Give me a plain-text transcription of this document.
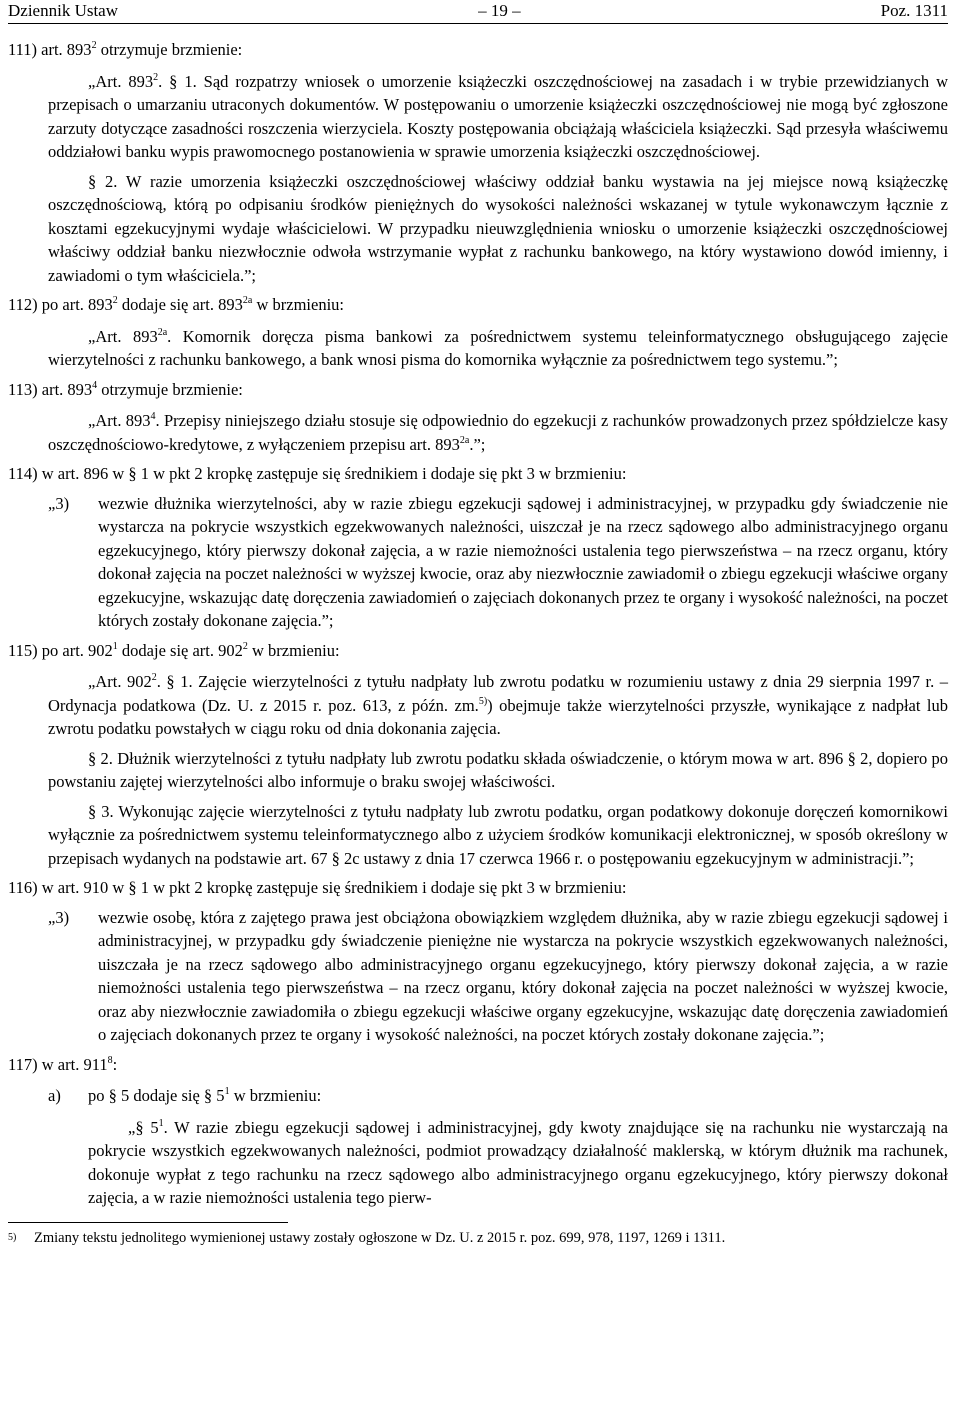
Dziennik Ustaw	– 19 –	Poz. 1311
111) art. $893^2$ otrzymuje brzmienie:

„Art. $893^2$. § 1. Sąd rozpatrzy wniosek o umorzenie książeczki oszczędnościowej na zasadach i w trybie przewidzianych w przepisach o umarzaniu utraconych dokumentów. W postępowaniu o umorzenie książeczki oszczędnościowej nie mogą być zgłoszone zarzuty dotyczące zasadności roszczenia wierzyciela. Koszty postępowania obciążają właściciela książeczki. Sąd przesyła właściwemu oddziałowi banku wypis prawomocnego postanowienia w sprawie umorzenia książeczki oszczędnościowej.

§ 2. W razie umorzenia książeczki oszczędnościowej właściwy oddział banku wystawia na jej miejsce nową książeczkę oszczędnościową, którą po odpisaniu środków pieniężnych do wysokości należności wskazanej w tytule wykonawczym łącznie z kosztami egzekucyjnymi wydaje właścicielowi. W przypadku nieuwzględnienia wniosku o umorzenie książeczki oszczędnościowej właściwy oddział banku niezwłocznie odwoła wstrzymanie wypłat z rachunku bankowego, na który wystawiono dowód imienny, i zawiadomi o tym właściciela.”;

112) po art. $893^2$ dodaje się art. $893^{2a}$ w brzmieniu:

„Art. $893^{2a}$. Komornik doręcza pisma bankowi za pośrednictwem systemu teleinformatycznego obsługującego zajęcie wierzytelności z rachunku bankowego, a bank wnosi pisma do komornika wyłącznie za pośrednictwem tego systemu.”;

113) art. $893^4$ otrzymuje brzmienie:

„Art. $893^4$. Przepisy niniejszego działu stosuje się odpowiednio do egzekucji z rachunków prowadzonych przez spółdzielcze kasy oszczędnościowo-kredytowe, z wyłączeniem przepisu art. $893^{2a}$.”;

114) w art. 896 w § 1 w pkt 2 kropkę zastępuje się średnikiem i dodaje się pkt 3 w brzmieniu:
„3)	wezwie dłużnika wierzytelności, aby w razie zbiegu egzekucji sądowej i administracyjnej, w przypadku gdy świadczenie nie wystarcza na pokrycie wszystkich egzekwowanych należności, uiszczał je na rzecz sądowego albo administracyjnego organu egzekucyjnego, który pierwszy dokonał zajęcia, a w razie niemożności ustalenia tego pierwszeństwa – na rzecz organu, który dokonał zajęcia na poczet należności w wyższej kwocie, oraz aby niezwłocznie zawiadomił o zbiegu egzekucji właściwe organy egzekucyjne, wskazując datę doręczenia zawiadomień o zajęciach dokonanych przez te organy i wysokość należności, na poczet których zostały dokonane zajęcia.”;
115) po art. $902^1$ dodaje się art. $902^2$ w brzmieniu:

„Art. $902^2$. § 1. Zajęcie wierzytelności z tytułu nadpłaty lub zwrotu podatku w rozumieniu ustawy z dnia 29 sierpnia 1997 r. – Ordynacja podatkowa (Dz. U. z 2015 r. poz. 613, z późn. zm.$^{5)}$) obejmuje także wierzytelności przyszłe, wynikające z nadpłat lub zwrotu podatku powstałych w ciągu roku od dnia dokonania zajęcia.

§ 2. Dłużnik wierzytelności z tytułu nadpłaty lub zwrotu podatku składa oświadczenie, o którym mowa w art. 896 § 2, dopiero po powstaniu zajętej wierzytelności albo informuje o braku swojej właściwości.

§ 3. Wykonując zajęcie wierzytelności z tytułu nadpłaty lub zwrotu podatku, organ podatkowy dokonuje doręczeń komornikowi wyłącznie za pośrednictwem systemu teleinformatycznego albo z użyciem środków komunikacji elektronicznej, w sposób określony w przepisach wydanych na podstawie art. 67 § 2c ustawy z dnia 17 czerwca 1966 r. o postępowaniu egzekucyjnym w administracji.”;

116) w art. 910 w § 1 w pkt 2 kropkę zastępuje się średnikiem i dodaje się pkt 3 w brzmieniu:
„3)	wezwie osobę, która z zajętego prawa jest obciążona obowiązkiem względem dłużnika, aby w razie zbiegu egzekucji sądowej i administracyjnej, w przypadku gdy świadczenie pieniężne nie wystarcza na pokrycie wszystkich egzekwowanych należności, uiszczała je na rzecz sądowego albo administracyjnego organu egzekucyjnego, który pierwszy dokonał zajęcia, a w razie niemożności ustalenia tego pierwszeństwa – na rzecz organu, który dokonał zajęcia na poczet należności w wyższej kwocie, oraz aby niezwłocznie zawiadomiła o zbiegu egzekucji właściwe organy egzekucyjne, wskazując datę doręczenia zawiadomień o zajęciach dokonanych przez te organy i wysokość należności, na poczet których zostały dokonane zajęcia.”;
117) w art. $911^8$:
a)	po § 5 dodaje się § $5^1$ w brzmieniu:

„§ $5^1$. W razie zbiegu egzekucji sądowej i administracyjnej, gdy kwoty znajdujące się na rachunku nie wystarczają na pokrycie wszystkich egzekwowanych należności, podmiot prowadzący działalność maklerską, w którym dłużnik ma rachunek, dokonuje wypłat z tego rachunku na rzecz sądowego albo administracyjnego organu egzekucyjnego, który pierwszy dokonał zajęcia, a w razie niemożności ustalenia tego pierw-

5)	Zmiany tekstu jednolitego wymienionej ustawy zostały ogłoszone w Dz. U. z 2015 r. poz. 699, 978, 1197, 1269 i 1311.
